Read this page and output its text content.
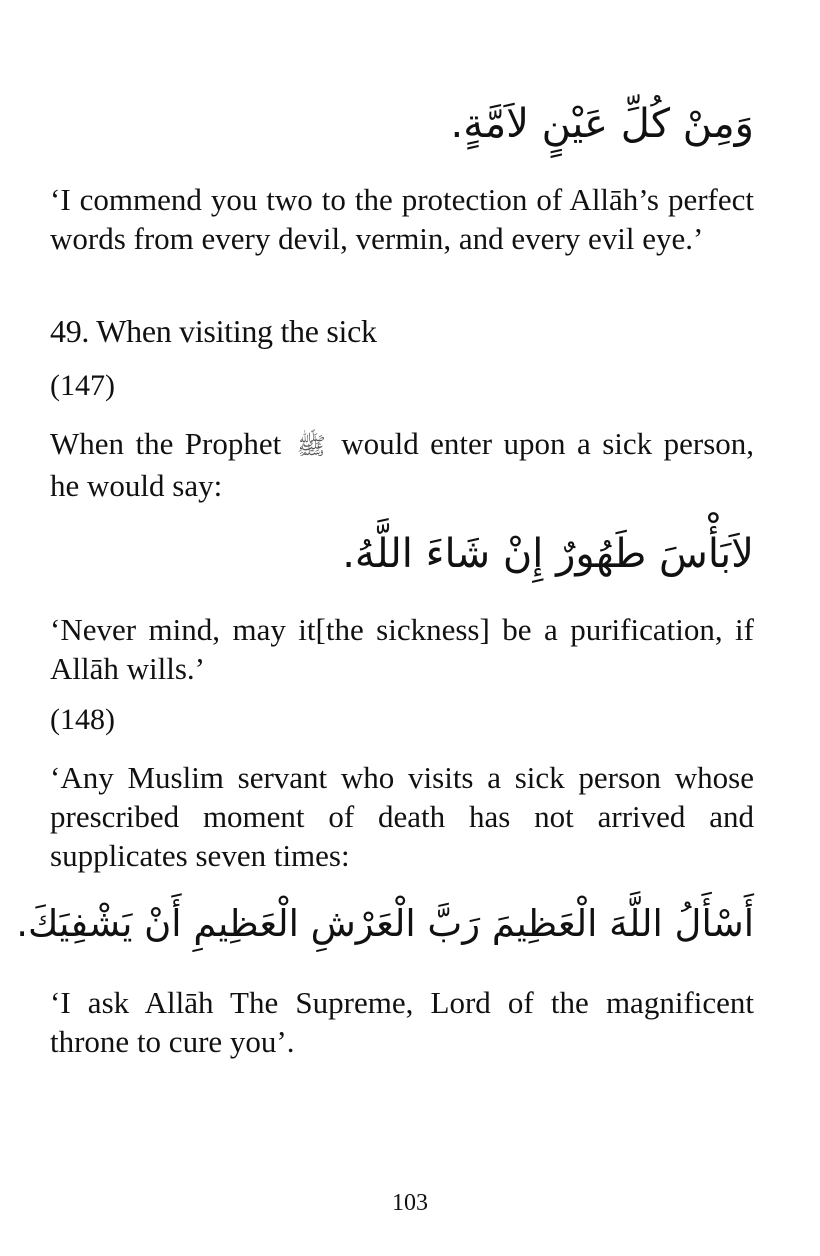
وَمِنْ كُلِّ عَيْنٍ لاَمَّةٍ.

‘I commend you two to the protection of Allāh’s perfect words from every devil, vermin, and every evil eye.’

49. When visiting the sick

(147)

When the Prophet ﷺ would enter upon a sick person, he would say:

لاَبَأْسَ طَهُورٌ إِنْ شَاءَ اللَّهُ.

‘Never mind, may it[the sickness] be a purification, if Allāh wills.’

(148)

‘Any Muslim servant who visits a sick person whose prescribed moment of death has not arrived and supplicates seven times:

أَسْأَلُ اللَّهَ الْعَظِيمَ رَبَّ الْعَرْشِ الْعَظِيمِ أَنْ يَشْفِيَكَ.

‘I ask Allāh The Supreme, Lord of the magnificent throne to cure you’.

103
